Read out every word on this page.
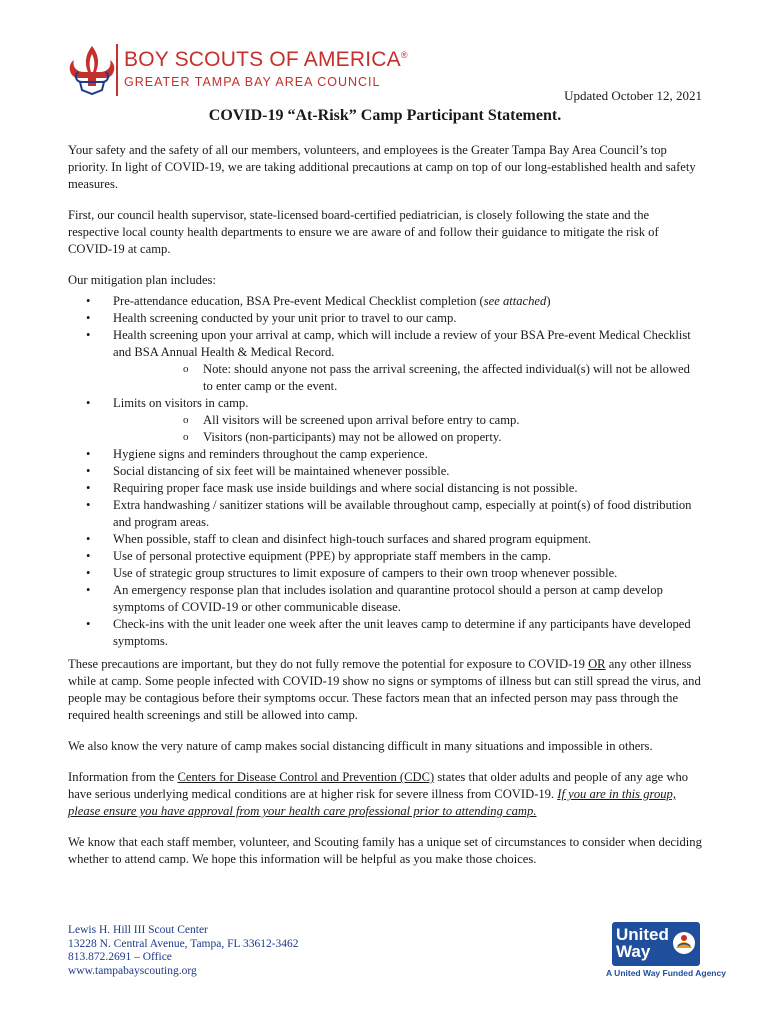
BOY SCOUTS OF AMERICA®
GREATER TAMPA BAY AREA COUNCIL
Updated October 12, 2021
COVID-19 “At-Risk” Camp Participant Statement.

Your safety and the safety of all our members, volunteers, and employees is the Greater Tampa Bay Area Council’s top priority. In light of COVID-19, we are taking additional precautions at camp on top of our long-established health and safety measures.

First, our council health supervisor, state-licensed board-certified pediatrician, is closely following the state and the respective local county health departments to ensure we are aware of and follow their guidance to mitigate the risk of COVID-19 at camp.

Our mitigation plan includes:

• Pre-attendance education, BSA Pre-event Medical Checklist completion (see attached)
• Health screening conducted by your unit prior to travel to our camp.
• Health screening upon your arrival at camp, which will include a review of your BSA Pre-event Medical Checklist and BSA Annual Health & Medical Record.
o Note: should anyone not pass the arrival screening, the affected individual(s) will not be allowed to enter camp or the event.
• Limits on visitors in camp.
o All visitors will be screened upon arrival before entry to camp.
o Visitors (non-participants) may not be allowed on property.
• Hygiene signs and reminders throughout the camp experience.
• Social distancing of six feet will be maintained whenever possible.
• Requiring proper face mask use inside buildings and where social distancing is not possible.
• Extra handwashing / sanitizer stations will be available throughout camp, especially at point(s) of food distribution and program areas.
• When possible, staff to clean and disinfect high-touch surfaces and shared program equipment.
• Use of personal protective equipment (PPE) by appropriate staff members in the camp.
• Use of strategic group structures to limit exposure of campers to their own troop whenever possible.
• An emergency response plan that includes isolation and quarantine protocol should a person at camp develop symptoms of COVID-19 or other communicable disease.
• Check-ins with the unit leader one week after the unit leaves camp to determine if any participants have developed symptoms.

These precautions are important, but they do not fully remove the potential for exposure to COVID-19 OR any other illness while at camp. Some people infected with COVID-19 show no signs or symptoms of illness but can still spread the virus, and people may be contagious before their symptoms occur. These factors mean that an infected person may pass through the required health screenings and still be allowed into camp.

We also know the very nature of camp makes social distancing difficult in many situations and impossible in others.

Information from the Centers for Disease Control and Prevention (CDC) states that older adults and people of any age who have serious underlying medical conditions are at higher risk for severe illness from COVID-19. If you are in this group, please ensure you have approval from your health care professional prior to attending camp.

We know that each staff member, volunteer, and Scouting family has a unique set of circumstances to consider when deciding whether to attend camp. We hope this information will be helpful as you make those choices.

Lewis H. Hill III Scout Center
13228 N. Central Avenue, Tampa, FL 33612-3462
813.872.2691 – Office
www.tampabayscouting.org
United
Way
A United Way Funded Agency
